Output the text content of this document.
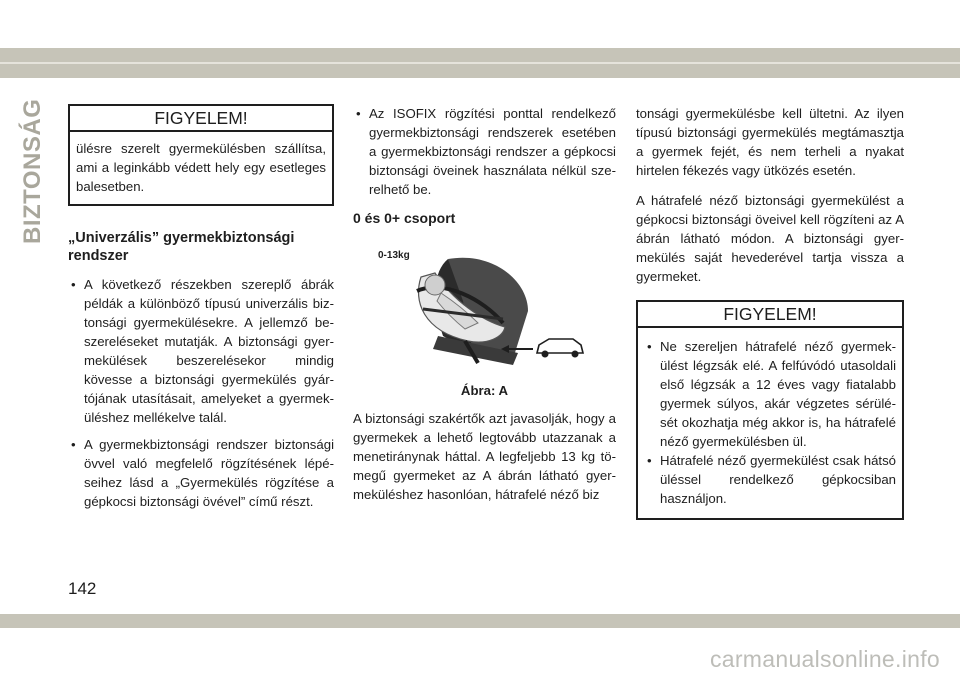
BIZTONSÁG	FIGYELEM!
ülésre szerelt gyermekülésben szállítsa, ami a leginkább védett hely egy esetleges balesetben.
„Univerzális” gyermekbiztonsági rendszer
• A következő részekben szereplő ábrák példák a különböző típusú univerzális biztonsági gyermekülésekre. A jellemző beszereléseket mutatják. A biztonsági gyermekülések beszerelésekor mindig kövesse a biztonsági gyermekülés gyártójának utasításait, amelyeket a gyermeküléshez mellékelve talál.
• A gyermekbiztonsági rendszer biztonsági övvel való megfelelő rögzítésének lépéseihez lásd a „Gyermekülés rögzítése a gépkocsi biztonsági övével” című részt.
• Az ISOFIX rögzítési ponttal rendelkező gyermekbiztonsági rendszerek esetében a gyermekbiztonsági rendszer a gépkocsi biztonsági öveinek használata nélkül szerelhető be.
0 és 0+ csoport
0-13kg
Ábra: A

A biztonsági szakértők azt javasolják, hogy a gyermekek a lehető legtovább utazzanak a menetiránynak háttal. A legfeljebb 13 kg tömegű gyermeket az A ábrán látható gyermeküléshez hasonlóan, hátrafelé néző biz

tonsági gyermekülésbe kell ültetni. Az ilyen típusú biztonsági gyermekülés megtámasztja a gyermek fejét, és nem terheli a nyakat hirtelen fékezés vagy ütközés esetén.

A hátrafelé néző biztonsági gyermekülést a gépkocsi biztonsági öveivel kell rögzíteni az A ábrán látható módon. A biztonsági gyermekülés saját hevederével tartja vissza a gyermeket.

FIGYELEM!
• Ne szereljen hátrafelé néző gyermekülést légzsák elé. A felfúvódó utasoldali első légzsák a 12 éves vagy fiatalabb gyermek súlyos, akár végzetes sérülését okozhatja még akkor is, ha hátrafelé néző gyermekülésben ül.
• Hátrafelé néző gyermekülést csak hátsó üléssel rendelkező gépkocsiban használjon.
142
carmanualsonline.info
